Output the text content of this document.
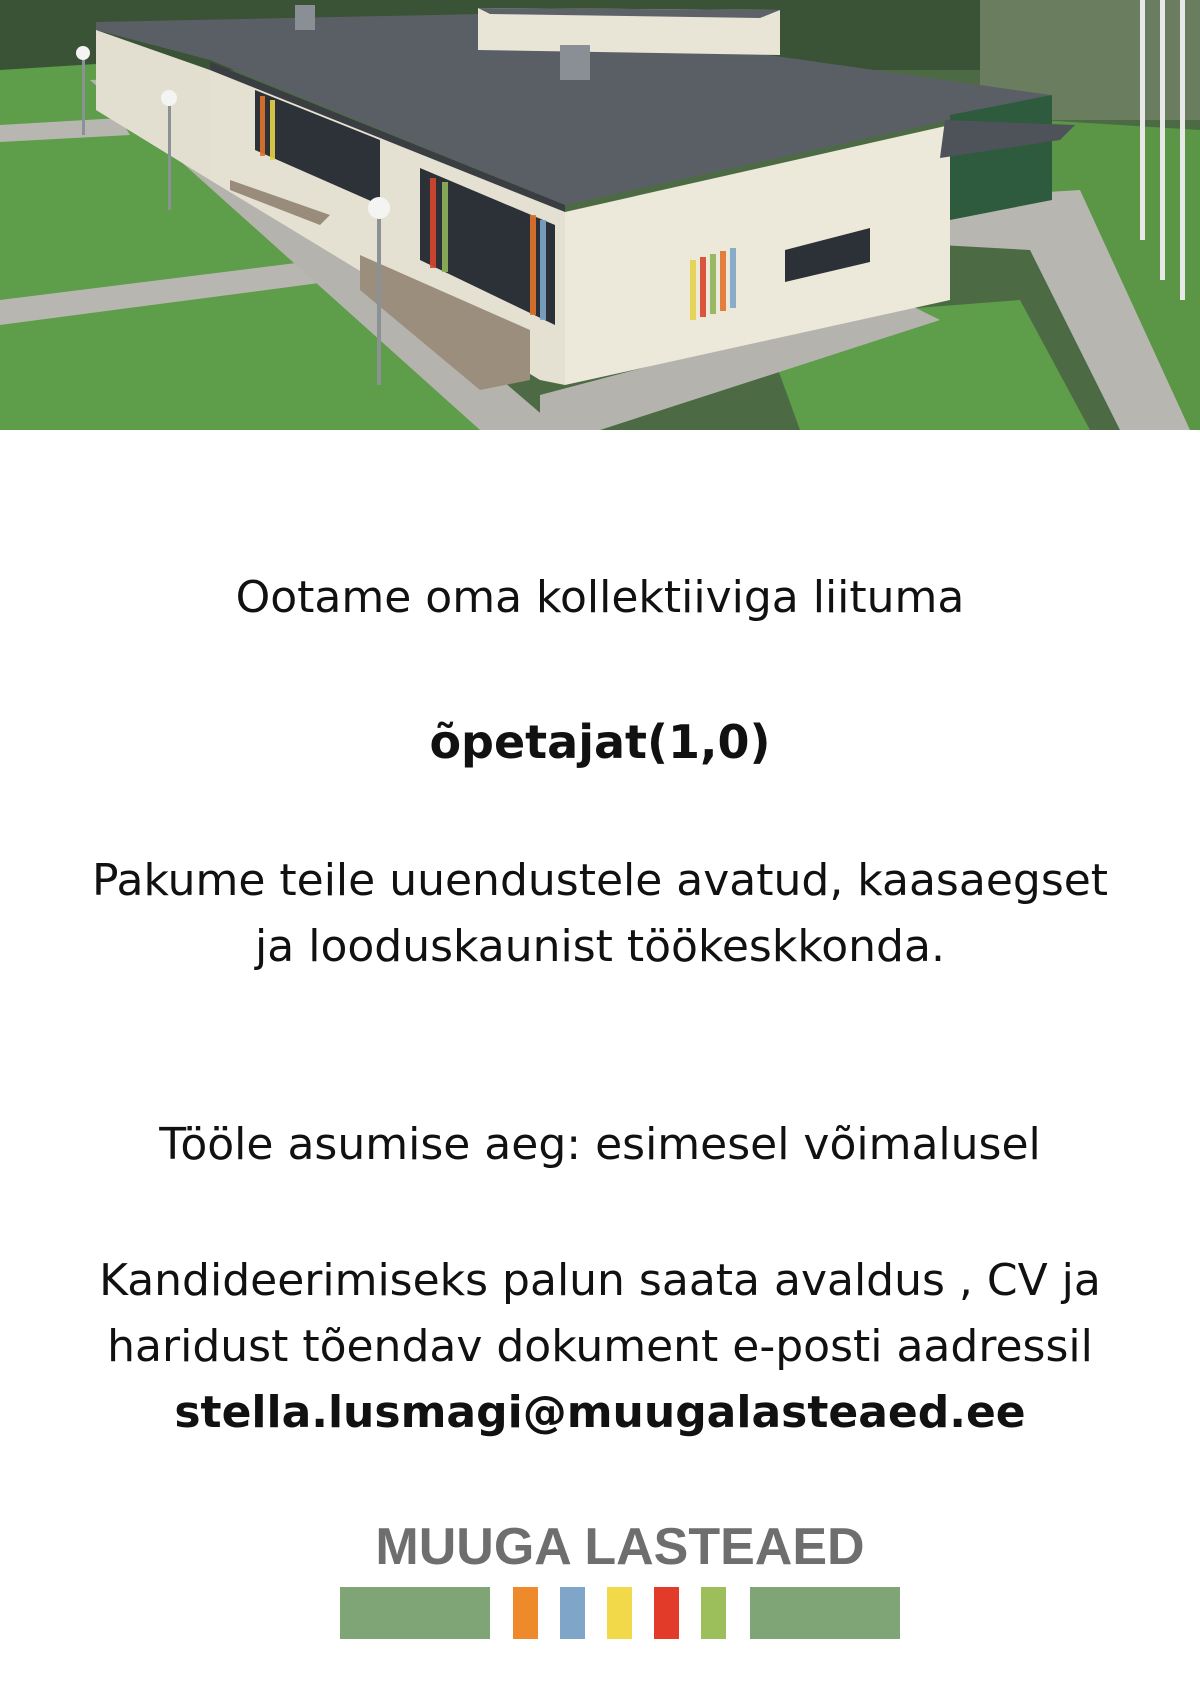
Ootame oma kollektiiviga liituma

õpetajat(1,0)

Pakume teile uuendustele avatud, kaasaegset
ja looduskaunist töökeskkonda.

Tööle asumise aeg: esimesel võimalusel

Kandideerimiseks palun saata avaldus , CV ja
haridust tõendav dokument e-posti aadressil

stella.lusmagi@muugalasteaed.ee

MUUGA LASTEAED
